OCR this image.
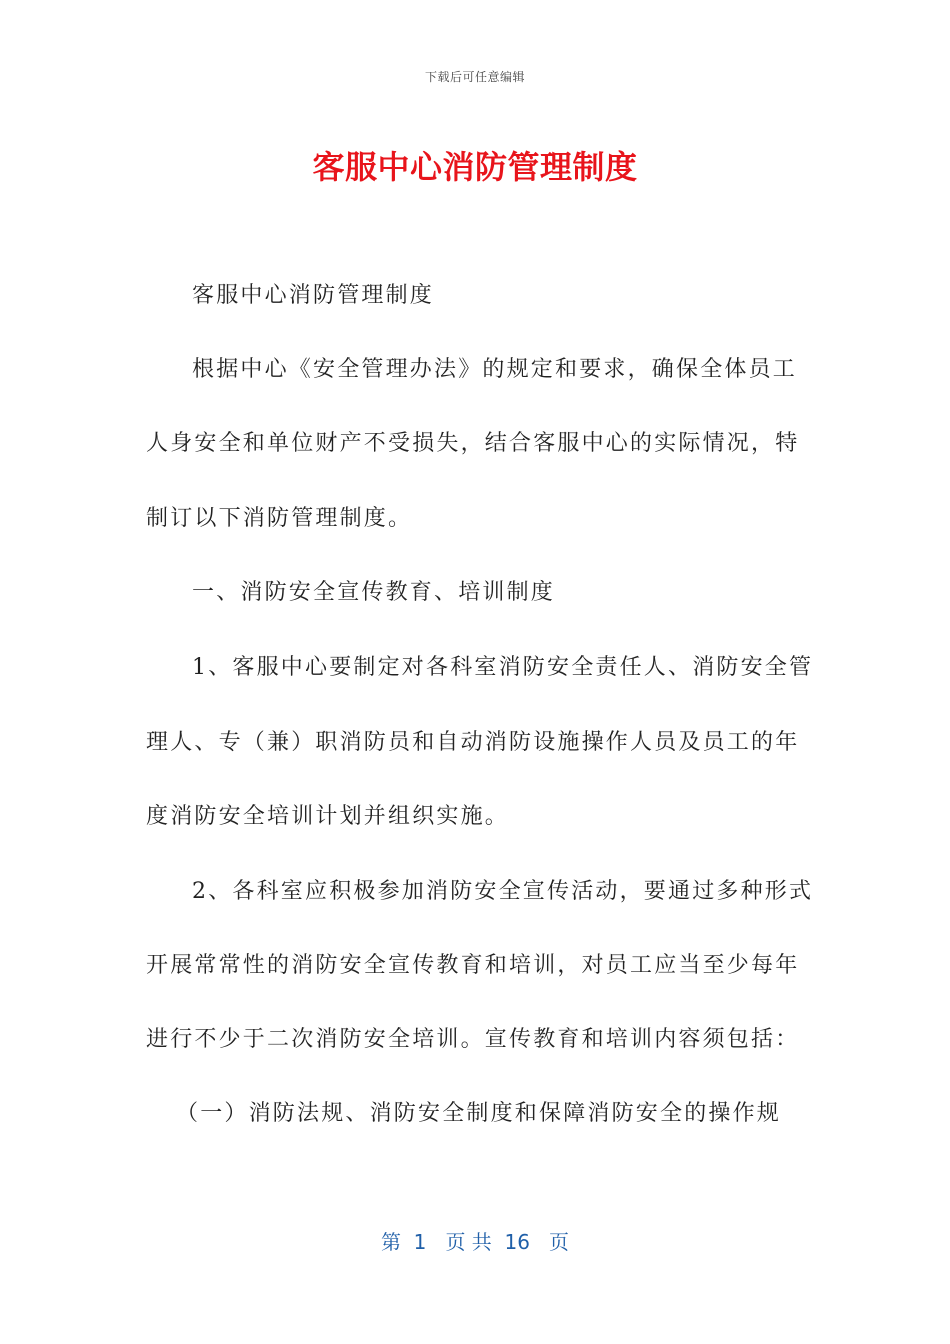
下载后可任意编辑
客服中心消防管理制度
客服中心消防管理制度
根据中心《安全管理办法》的规定和要求，确保全体员工
人身安全和单位财产不受损失，结合客服中心的实际情况，特
制订以下消防管理制度。
一、消防安全宣传教育、培训制度
1、客服中心要制定对各科室消防安全责任人、消防安全管
理人、专（兼）职消防员和自动消防设施操作人员及员工的年
度消防安全培训计划并组织实施。
2、各科室应积极参加消防安全宣传活动，要通过多种形式
开展常常性的消防安全宣传教育和培训，对员工应当至少每年
进行不少于二次消防安全培训。宣传教育和培训内容须包括：
（一）消防法规、消防安全制度和保障消防安全的操作规
第  1   页 共  16   页
